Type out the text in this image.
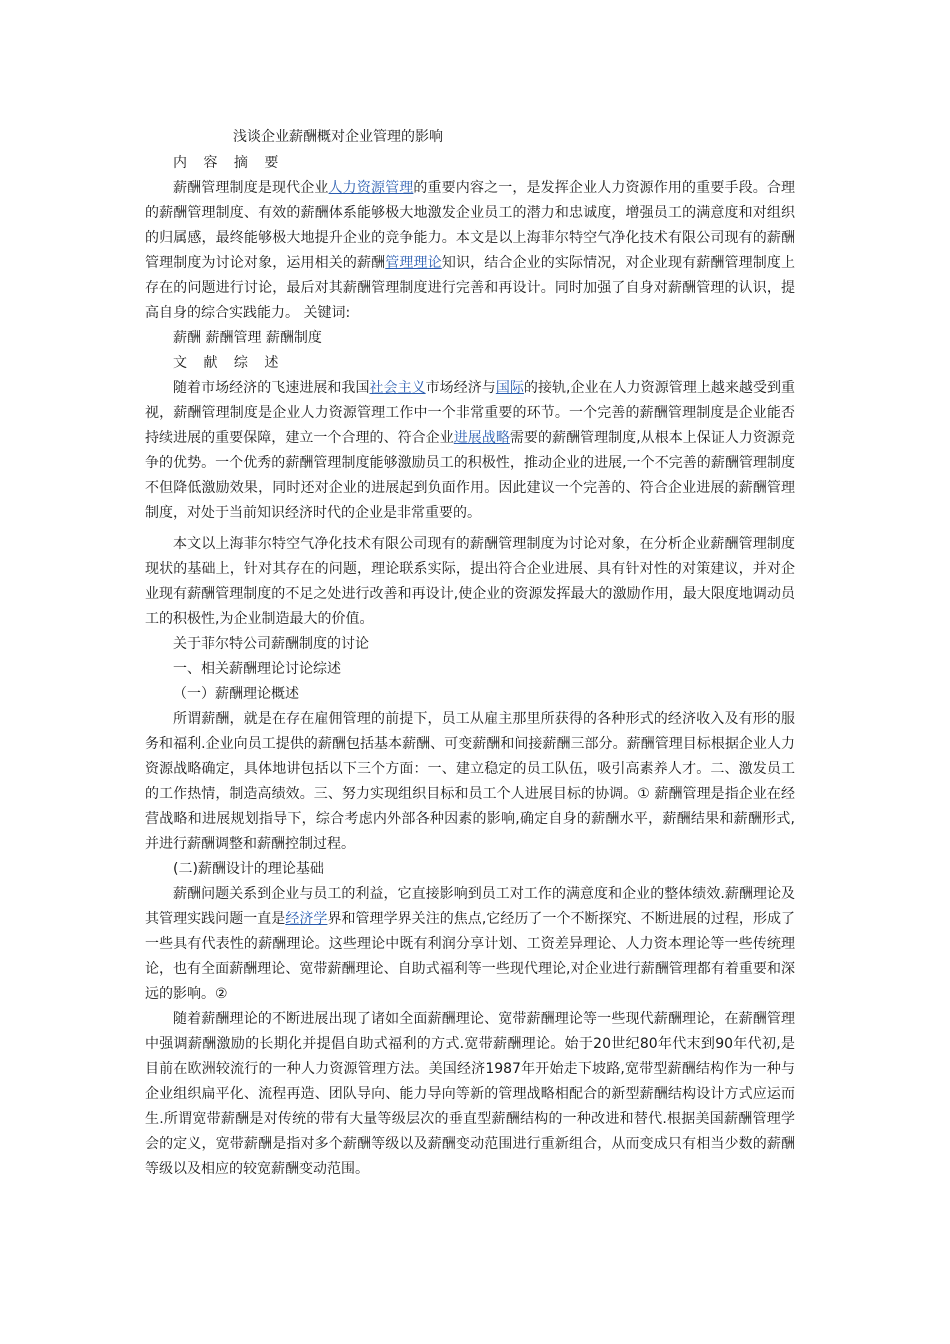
浅谈企业薪酬概对企业管理的影响
内 容 摘 要

薪酬管理制度是现代企业人力资源管理的重要内容之一，是发挥企业人力资源作用的重要手段。合理的薪酬管理制度、有效的薪酬体系能够极大地激发企业员工的潜力和忠诚度，增强员工的满意度和对组织的归属感，最终能够极大地提升企业的竞争能力。本文是以上海菲尔特空气净化技术有限公司现有的薪酬管理制度为讨论对象，运用相关的薪酬管理理论知识，结合企业的实际情况，对企业现有薪酬管理制度上存在的问题进行讨论，最后对其薪酬管理制度进行完善和再设计。同时加强了自身对薪酬管理的认识，提高自身的综合实践能力。 关键词:

薪酬 薪酬管理 薪酬制度
文 献 综 述

随着市场经济的飞速进展和我国社会主义市场经济与国际的接轨,企业在人力资源管理上越来越受到重视，薪酬管理制度是企业人力资源管理工作中一个非常重要的环节。一个完善的薪酬管理制度是企业能否持续进展的重要保障，建立一个合理的、符合企业进展战略需要的薪酬管理制度,从根本上保证人力资源竞争的优势。一个优秀的薪酬管理制度能够激励员工的积极性，推动企业的进展,一个不完善的薪酬管理制度不但降低激励效果，同时还对企业的进展起到负面作用。因此建议一个完善的、符合企业进展的薪酬管理制度，对处于当前知识经济时代的企业是非常重要的。

本文以上海菲尔特空气净化技术有限公司现有的薪酬管理制度为讨论对象，在分析企业薪酬管理制度现状的基础上，针对其存在的问题，理论联系实际，提出符合企业进展、具有针对性的对策建议，并对企业现有薪酬管理制度的不足之处进行改善和再设计,使企业的资源发挥最大的激励作用，最大限度地调动员工的积极性,为企业制造最大的价值。

关于菲尔特公司薪酬制度的讨论
一、相关薪酬理论讨论综述
（一）薪酬理论概述

所谓薪酬，就是在存在雇佣管理的前提下，员工从雇主那里所获得的各种形式的经济收入及有形的服务和福利.企业向员工提供的薪酬包括基本薪酬、可变薪酬和间接薪酬三部分。薪酬管理目标根据企业人力资源战略确定，具体地讲包括以下三个方面：一、建立稳定的员工队伍，吸引高素养人才。二、激发员工的工作热情，制造高绩效。三、努力实现组织目标和员工个人进展目标的协调。① 薪酬管理是指企业在经营战略和进展规划指导下，综合考虑内外部各种因素的影响,确定自身的薪酬水平，薪酬结果和薪酬形式,并进行薪酬调整和薪酬控制过程。

(二)薪酬设计的理论基础

薪酬问题关系到企业与员工的利益，它直接影响到员工对工作的满意度和企业的整体绩效.薪酬理论及其管理实践问题一直是经济学界和管理学界关注的焦点,它经历了一个不断探究、不断进展的过程，形成了一些具有代表性的薪酬理论。这些理论中既有利润分享计划、工资差异理论、人力资本理论等一些传统理论，也有全面薪酬理论、宽带薪酬理论、自助式福利等一些现代理论,对企业进行薪酬管理都有着重要和深远的影响。②

随着薪酬理论的不断进展出现了诸如全面薪酬理论、宽带薪酬理论等一些现代薪酬理论，在薪酬管理中强调薪酬激励的长期化并提倡自助式福利的方式.宽带薪酬理论。始于20世纪80年代末到90年代初,是目前在欧洲较流行的一种人力资源管理方法。美国经济1987年开始走下坡路,宽带型薪酬结构作为一种与企业组织扁平化、流程再造、团队导向、能力导向等新的管理战略相配合的新型薪酬结构设计方式应运而生.所谓宽带薪酬是对传统的带有大量等级层次的垂直型薪酬结构的一种改进和替代.根据美国薪酬管理学会的定义，宽带薪酬是指对多个薪酬等级以及薪酬变动范围进行重新组合，从而变成只有相当少数的薪酬等级以及相应的较宽薪酬变动范围。
